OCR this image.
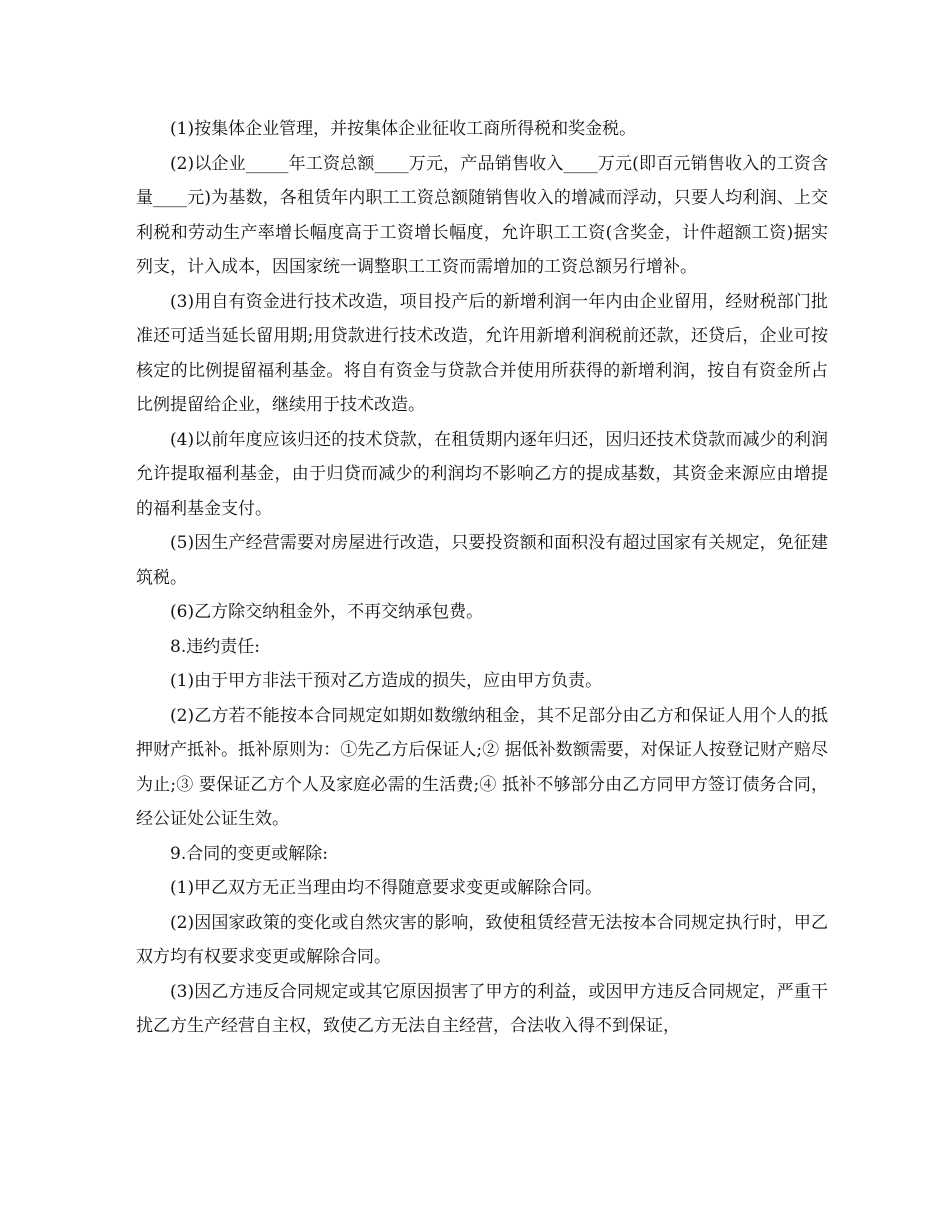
(1)按集体企业管理，并按集体企业征收工商所得税和奖金税。

(2)以企业_____年工资总额____万元，产品销售收入____万元(即百元销售收入的工资含量____元)为基数，各租赁年内职工工资总额随销售收入的增减而浮动，只要人均利润、上交利税和劳动生产率增长幅度高于工资增长幅度，允许职工工资(含奖金，计件超额工资)据实列支，计入成本，因国家统一调整职工工资而需增加的工资总额另行增补。

(3)用自有资金进行技术改造，项目投产后的新增利润一年内由企业留用，经财税部门批准还可适当延长留用期;用贷款进行技术改造，允许用新增利润税前还款，还贷后，企业可按核定的比例提留福利基金。将自有资金与贷款合并使用所获得的新增利润，按自有资金所占比例提留给企业，继续用于技术改造。

(4)以前年度应该归还的技术贷款，在租赁期内逐年归还，因归还技术贷款而减少的利润允许提取福利基金，由于归贷而减少的利润均不影响乙方的提成基数，其资金来源应由增提的福利基金支付。

(5)因生产经营需要对房屋进行改造，只要投资额和面积没有超过国家有关规定，免征建筑税。

(6)乙方除交纳租金外，不再交纳承包费。

8.违约责任:

(1)由于甲方非法干预对乙方造成的损失，应由甲方负责。

(2)乙方若不能按本合同规定如期如数缴纳租金，其不足部分由乙方和保证人用个人的抵押财产抵补。抵补原则为：①先乙方后保证人;② 据低补数额需要，对保证人按登记财产赔尽为止;③ 要保证乙方个人及家庭必需的生活费;④ 抵补不够部分由乙方同甲方签订债务合同，经公证处公证生效。

9.合同的变更或解除:

(1)甲乙双方无正当理由均不得随意要求变更或解除合同。

(2)因国家政策的变化或自然灾害的影响，致使租赁经营无法按本合同规定执行时，甲乙双方均有权要求变更或解除合同。

(3)因乙方违反合同规定或其它原因损害了甲方的利益，或因甲方违反合同规定，严重干扰乙方生产经营自主权，致使乙方无法自主经营，合法收入得不到保证，
